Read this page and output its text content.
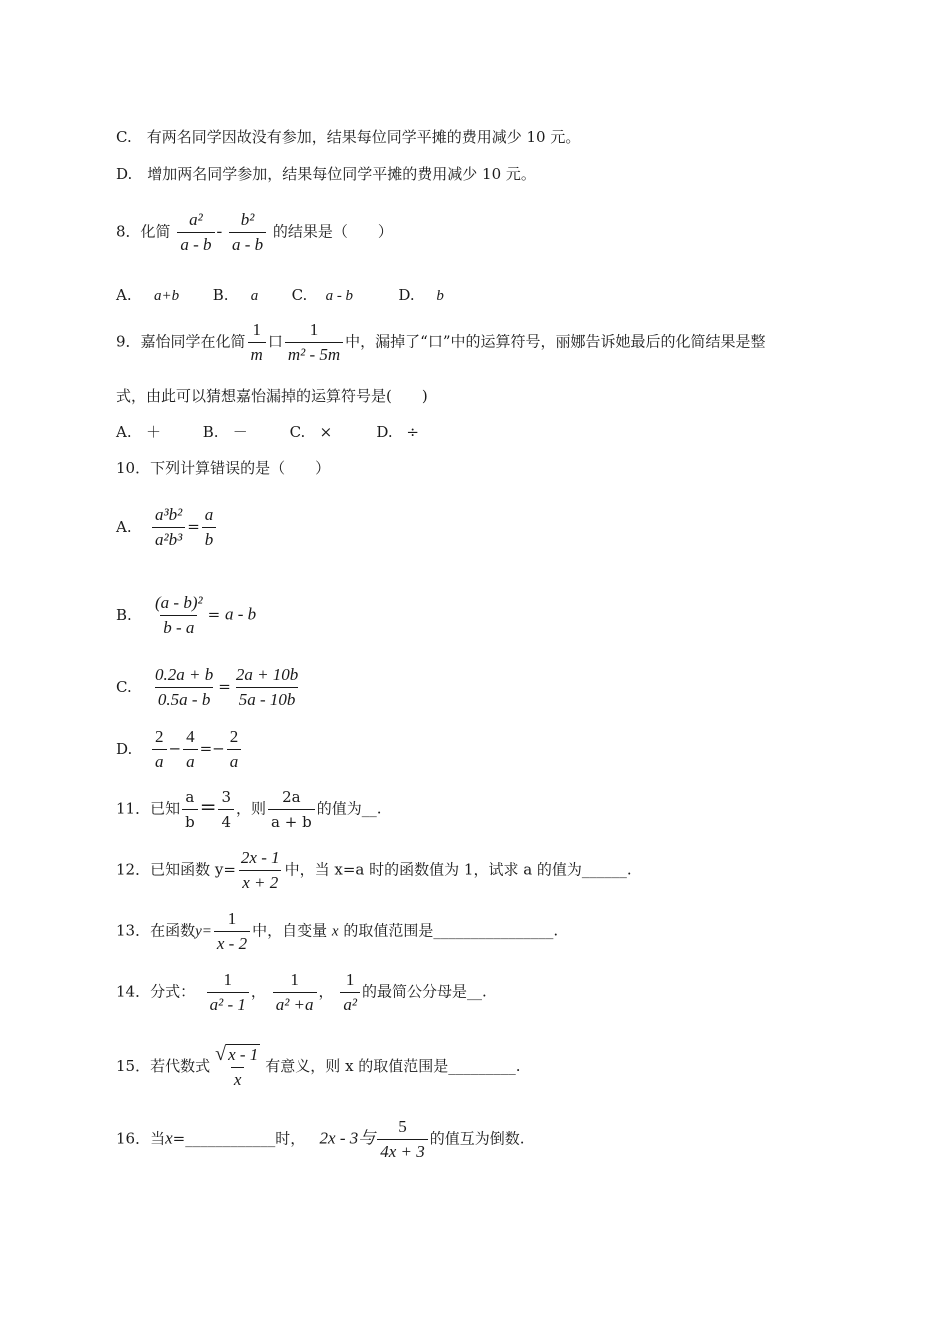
C.　有两名同学因故没有参加，结果每位同学平摊的费用减少 10 元。
D.　增加两名同学参加，结果每位同学平摊的费用减少 10 元。
8．化简 $\frac{\text{a²}}{a - b} - \frac{\text{b²}}{a - b}$ 的结果是（　　）
A. a+b B. a C. a - b	D. b
9．嘉怡同学在化简 $\frac{1}{m}$ 口 $\frac{1}{\text{m² - 5m}}$ 中，漏掉了“口”中的运算符号，丽娜告诉她最后的化简结果是整
式，由此可以猜想嘉怡漏掉的运算符号是(　　)
A. ＋	B. －	C. ×	D. ÷
10．下列计算错误的是（　　）
A. $\frac{\text{a³b²}}{\text{a²b³}} = \frac{a}{b}$
B. $\frac{\text{(a - b)²}}{b - a} = a - b$
C. $\frac{0.2a + b}{0.5a - b} = \frac{2a + 10b}{5a - 10b}$
D. $\frac{2}{a} - \frac{4}{a} =- \frac{2}{a}$
11．已知 $\frac{a}{b} = \frac{3}{4}$ ，则 $\frac{2a}{a + b}$ 的值为__.
12．已知函数 $y= \frac{2x - 1}{x + 2}$ 中，当 x=a 时的函数值为 1，试求 a 的值为______.
13．在函数$y= \frac{1}{x - 2}$ 中，自变量 x 的取值范围是________________.
14．分式： $\frac{1}{\text{a² - 1}}$ ， $\frac{1}{\text{a² +a}}$ ， $\frac{1}{\text{a²}}$ 的最简公分母是__.
15．若代数式 $\frac{√ x - 1}{x}$ 有意义，则 x 的取值范围是_________.
16．当x=____________时， 2x - 3与 $\frac{5}{4x + 3}$ 的值互为倒数.
